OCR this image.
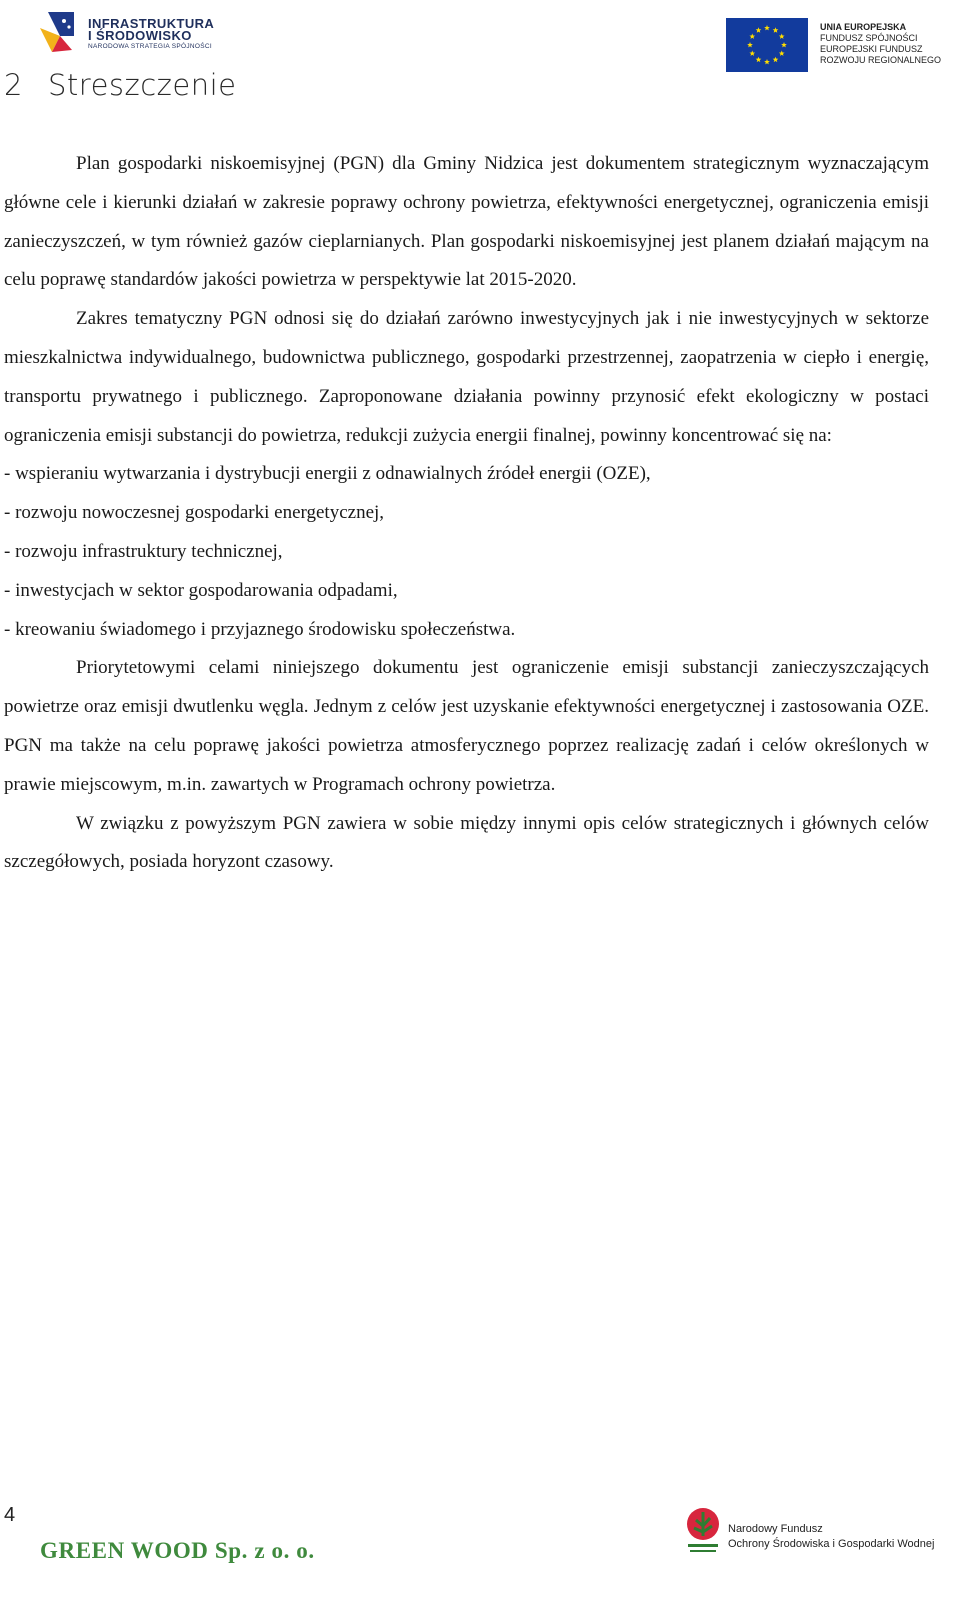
INFRASTRUKTURA
I ŚRODOWISKO
NARODOWA STRATEGIA SPÓJNOŚCI
UNIA EUROPEJSKA
FUNDUSZ SPÓJNOŚCI
EUROPEJSKI FUNDUSZ
ROZWOJU REGIONALNEGO
2 Streszczenie

Plan gospodarki niskoemisyjnej (PGN) dla Gminy Nidzica jest dokumentem strategicznym wyznaczającym główne cele i kierunki działań w zakresie poprawy ochrony powietrza, efektywności energetycznej, ograniczenia emisji zanieczyszczeń, w tym również gazów cieplarnianych. Plan gospodarki niskoemisyjnej jest planem działań mającym na celu poprawę standardów jakości powietrza w perspektywie lat 2015-2020.

Zakres tematyczny PGN odnosi się do działań zarówno inwestycyjnych jak i nie inwestycyjnych w sektorze mieszkalnictwa indywidualnego, budownictwa publicznego, gospodarki przestrzennej, zaopatrzenia w ciepło i energię, transportu prywatnego i publicznego. Zaproponowane działania powinny przynosić efekt ekologiczny w postaci ograniczenia emisji substancji do powietrza, redukcji zużycia energii finalnej, powinny koncentrować się na:

- wspieraniu wytwarzania i dystrybucji energii z odnawialnych źródeł energii (OZE),

- rozwoju nowoczesnej gospodarki energetycznej,

- rozwoju infrastruktury technicznej,

- inwestycjach w sektor gospodarowania odpadami,

- kreowaniu świadomego i przyjaznego środowisku społeczeństwa.

Priorytetowymi celami niniejszego dokumentu jest ograniczenie emisji substancji zanieczyszczających powietrze oraz emisji dwutlenku węgla. Jednym z celów jest uzyskanie efektywności energetycznej i zastosowania OZE. PGN ma także na celu poprawę jakości powietrza atmosferycznego poprzez realizację zadań i celów określonych w prawie miejscowym, m.in. zawartych w Programach ochrony powietrza.

W związku z powyższym PGN zawiera w sobie między innymi opis celów strategicznych i głównych celów szczegółowych, posiada horyzont czasowy.

4
GREEN WOOD Sp. z o. o.
Narodowy Fundusz
Ochrony Środowiska i Gospodarki Wodnej
